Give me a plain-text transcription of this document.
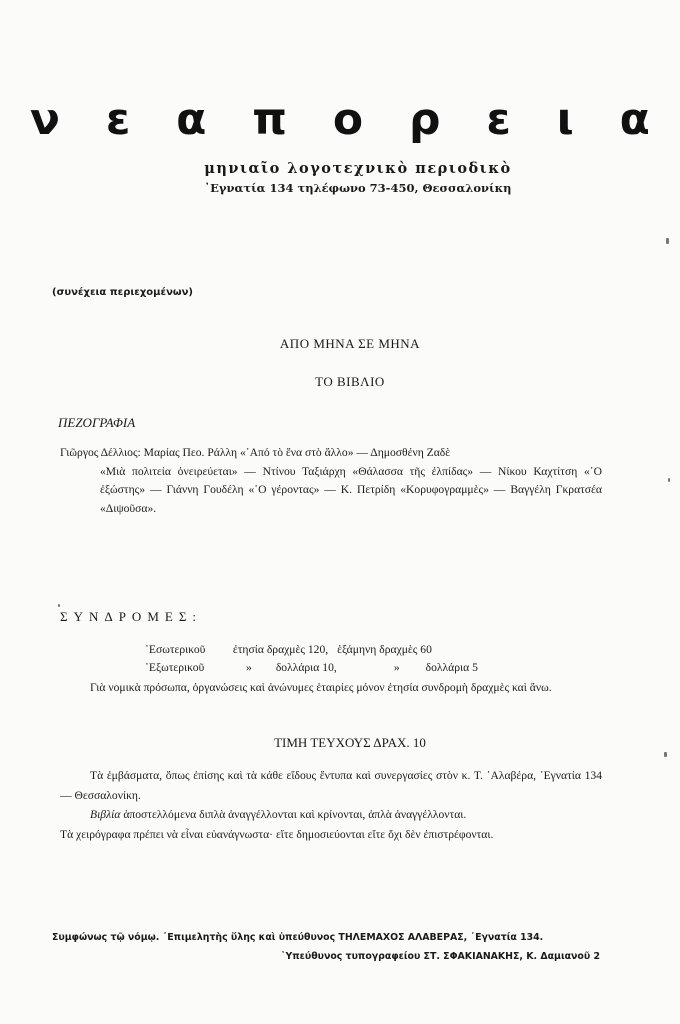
ν ε α π ο ρ ε ι α
μηνιαῖο λογοτεχνικὸ περιοδικὸ
᾿Εγνατία 134 τηλέφωνο 73-450, Θεσσαλονίκη
(συνέχεια περιεχομένων)
ΑΠΟ ΜΗΝΑ ΣΕ ΜΗΝΑ
ΤΟ ΒΙΒΛΙΟ
ΠΕΖΟΓΡΑΦΙΑ
Γιῶργος Δέλλιος: Μαρίας Πεο. Ράλλη «᾿Από τὸ ἕνα στὸ ἄλλο» — Δημοσθένη Ζαδὲ
«Μιὰ πολιτεία ὀνειρεύεται» — Ντίνου Ταξιάρχη «Θάλασσα τῆς ἐλπίδας» — Νίκου Καχτίτση «῾Ο ἐξώστης» — Γιάννη Γουδέλη «῾Ο γέροντας» — Κ. Πετρίδη «Κορυφογραμμὲς» — Βαγγέλη Γκρατσέα «Διψοῦσα».
ΣΥΝΔΡΟΜΕΣ:
᾿Εσωτερικοῦ ἐτησία δραχμὲς 120, ἑξάμηνη δραχμὲς 60
᾿Εξωτερικοῦ	» δολλάρια 10,	» δολλάρια 5
Γιὰ νομικὰ πρόσωπα, ὀργανώσεις καὶ ἀνώνυμες ἑταιρίες μόνον ἐτησία συνδρομὴ δραχμὲς καὶ ἄνω.
ΤΙΜΗ ΤΕΥΧΟΥΣ ΔΡΑΧ. 10

Τὰ ἐμβάσματα, ὅπως ἐπίσης καὶ τὰ κάθε εἴδους ἔντυπα καὶ συνεργασίες στὸν κ. Τ. ᾿Αλαβέρα, ᾿Εγνατία 134 — Θεσσαλονίκη.

Βιβλία ἀποστελλόμενα διπλὰ ἀναγγέλλονται καὶ κρίνονται, ἁπλὰ ἀναγγέλλονται.

Τὰ χειρόγραφα πρέπει νὰ εἶναι εὐανάγνωστα· εἴτε δημοσιεύονται εἴτε ὄχι δὲν ἐπιστρέφονται.

Συμφώνως τῷ νόμῳ. ᾿Επιμελητὴς ὕλης καὶ ὑπεύθυνος ΤΗΛΕΜΑΧΟΣ ΑΛΑΒΕΡΑΣ, ᾿Εγνατία 134.
῾Υπεύθυνος τυπογραφείου ΣΤ. ΣΦΑΚΙΑΝΑΚΗΣ, Κ. Δαμιανοῦ 2
